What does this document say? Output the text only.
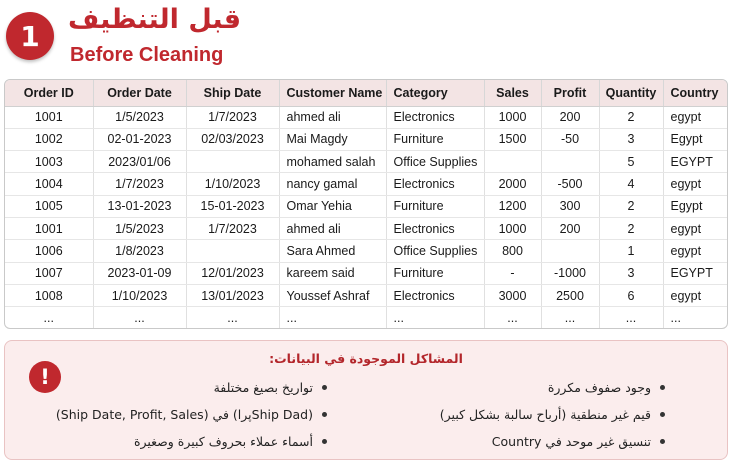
1	قبل التنظيف
Before Cleaning
Order ID	Order Date	Ship Date	Customer Name	Category	Sales	Profit	Quantity	Country
1001	1/5/2023	1/7/2023	ahmed ali	Electronics	1000	200	2	egypt
1002	02-01-2023	02/03/2023	Mai Magdy	Furniture	1500	-50	3	Egypt
1003	2023/01/06		mohamed salah	Office Supplies			5	EGYPT
1004	1/7/2023	1/10/2023	nancy gamal	Electronics	2000	-500	4	egypt
1005	13-01-2023	15-01-2023	Omar Yehia	Furniture	1200	300	2	Egypt
1001	1/5/2023	1/7/2023	ahmed ali	Electronics	1000	200	2	egypt
1006	1/8/2023		Sara Ahmed	Office Supplies	800		1	egypt
1007	2023-01-09	12/01/2023	kareem said	Furniture	-	-1000	3	EGYPT
1008	1/10/2023	13/01/2023	Youssef Ashraf	Electronics	3000	2500	6	egypt
...	...	...	...	...	...	...	...	...
!
المشاكل الموجودة في البيانات:
تواريخ بصيغ مختلفة
(Ship Dadپرا) في (Ship Date, Profit, Sales)
أسماء عملاء بحروف كبيرة وصغيرة
وجود صفوف مكررة
قيم غير منطقية (أرباح سالبة بشكل كبير)
تنسيق غير موحد في Country
